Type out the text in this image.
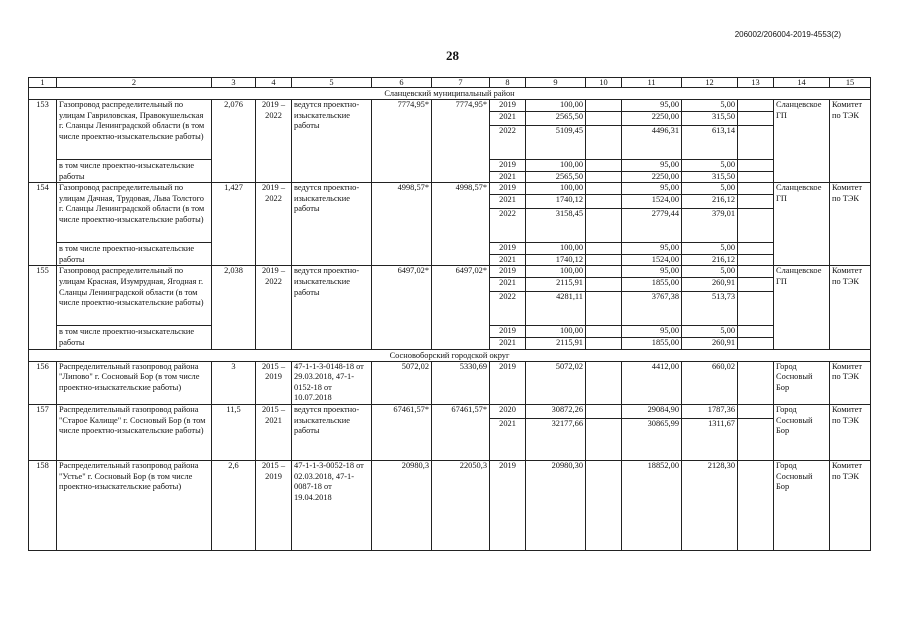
206002/206004-2019-4553(2)
28
1	2	3	4	5	6	7	8	9	10	11	12	13	14	15
Сланцевский муниципальный район														
153	Газопровод распределительный по улицам Гавриловская, Правокушельская г. Сланцы Ленинградской области (в том числе проектно-изыскательские работы)	2,076	2019 – 2022	ведутся проектно-изыскательские работы	7774,95*	7774,95*	2019	100,00		95,00	5,00		Сланцевское ГП	Комитет по ТЭК
							2021	2565,50		2250,00	315,50			
							2022	5109,45		4496,31	613,14			
	в том числе проектно-изыскательские работы						2019	100,00		95,00	5,00			
							2021	2565,50		2250,00	315,50			
154	Газопровод распределительный по улицам Дачная, Трудовая, Льва Толстого г. Сланцы Ленинградской области (в том числе проектно-изыскательские работы)	1,427	2019 – 2022	ведутся проектно-изыскательские работы	4998,57*	4998,57*	2019	100,00		95,00	5,00		Сланцевское ГП	Комитет по ТЭК
							2021	1740,12		1524,00	216,12			
							2022	3158,45		2779,44	379,01			
	в том числе проектно-изыскательские работы						2019	100,00		95,00	5,00			
							2021	1740,12		1524,00	216,12			
155	Газопровод распределительный по улицам Красная, Изумрудная, Ягодная г. Сланцы Ленинградской области (в том числе проектно-изыскательские работы)	2,038	2019 – 2022	ведутся проектно-изыскательские работы	6497,02*	6497,02*	2019	100,00		95,00	5,00		Сланцевское ГП	Комитет по ТЭК
							2021	2115,91		1855,00	260,91			
							2022	4281,11		3767,38	513,73			
	в том числе проектно-изыскательские работы						2019	100,00		95,00	5,00			
							2021	2115,91		1855,00	260,91			
Сосновоборский городской округ														
156	Распределительный газопровод района "Липово" г. Сосновый Бор (в том числе проектно-изыскательские работы)	3	2015 – 2019	47-1-1-3-0148-18 от 29.03.2018, 47-1-0152-18 от 10.07.2018	5072,02	5330,69	2019	5072,02		4412,00	660,02		Город Сосновый Бор	Комитет по ТЭК
157	Распределительный газопровод района "Старое Калище" г. Сосновый Бор (в том числе проектно-изыскательские работы)	11,5	2015 – 2021	ведутся проектно-изыскательские работы	67461,57*	67461,57*	2020	30872,26		29084,90	1787,36		Город Сосновый Бор	Комитет по ТЭК
							2021	32177,66		30865,99	1311,67			
158	Распределительный газопровод района "Устье" г. Сосновый Бор (в том числе проектно-изыскательские работы)	2,6	2015 – 2019	47-1-1-3-0052-18 от 02.03.2018, 47-1-0087-18 от 19.04.2018	20980,3	22050,3	2019	20980,30		18852,00	2128,30		Город Сосновый Бор	Комитет по ТЭК
